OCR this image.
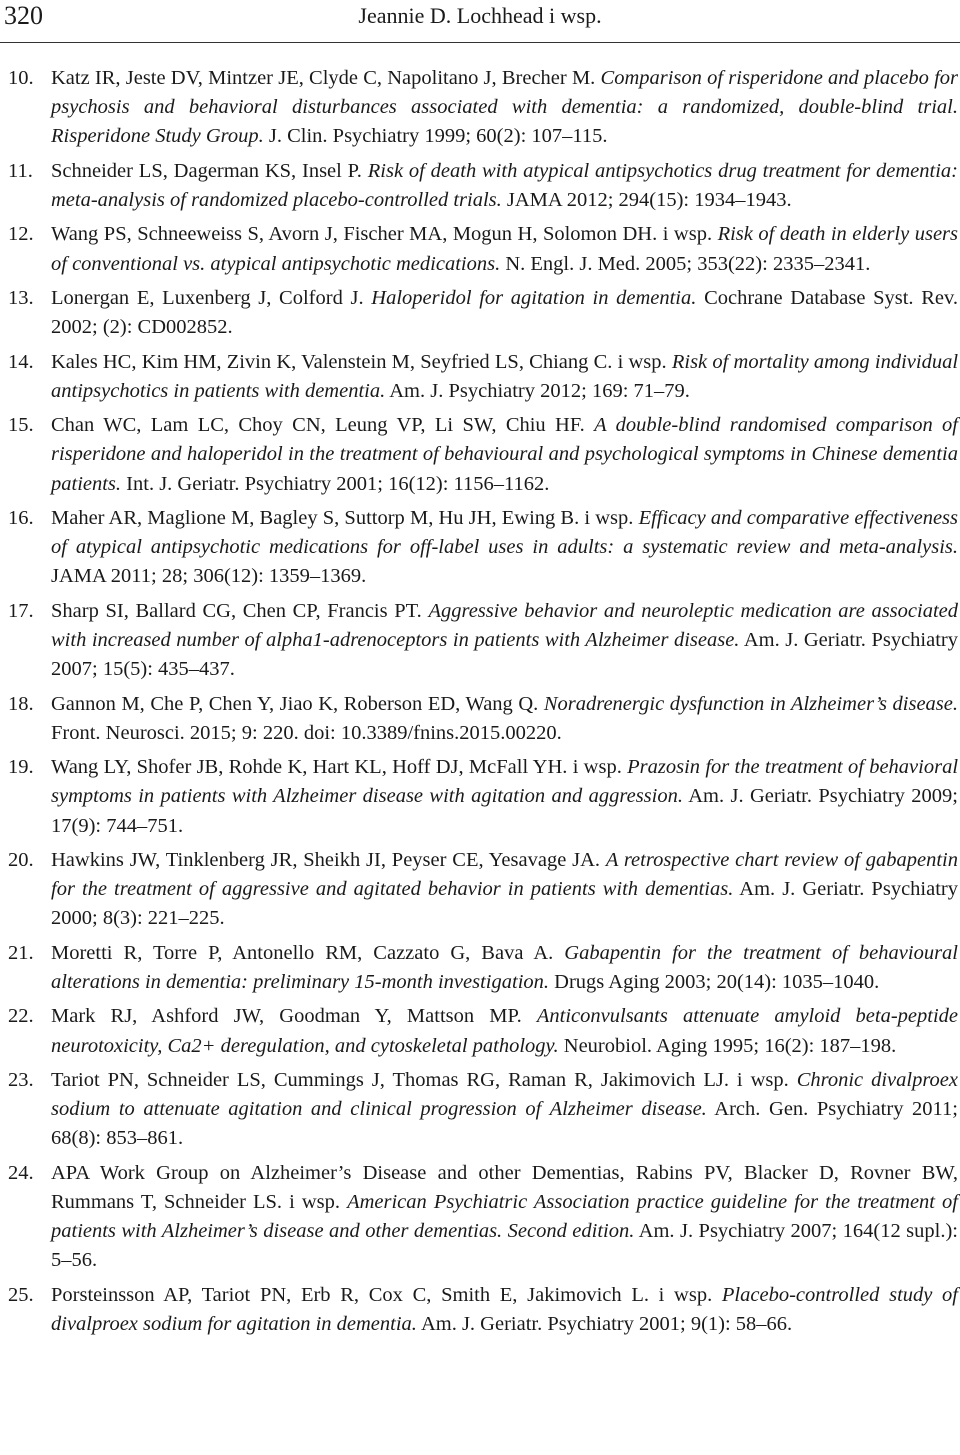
320	Jeannie D. Lochhead i wsp.
10. Katz IR, Jeste DV, Mintzer JE, Clyde C, Napolitano J, Brecher M. Comparison of risperidone and placebo for psychosis and behavioral disturbances associated with dementia: a randomized, double-blind trial. Risperidone Study Group. J. Clin. Psychiatry 1999; 60(2): 107–115.
11. Schneider LS, Dagerman KS, Insel P. Risk of death with atypical antipsychotics drug treatment for dementia: meta-analysis of randomized placebo-controlled trials. JAMA 2012; 294(15): 1934–1943.
12. Wang PS, Schneeweiss S, Avorn J, Fischer MA, Mogun H, Solomon DH. i wsp. Risk of death in elderly users of conventional vs. atypical antipsychotic medications. N. Engl. J. Med. 2005; 353(22): 2335–2341.
13. Lonergan E, Luxenberg J, Colford J. Haloperidol for agitation in dementia. Cochrane Database Syst. Rev. 2002; (2): CD002852.
14. Kales HC, Kim HM, Zivin K, Valenstein M, Seyfried LS, Chiang C. i wsp. Risk of mortality among individual antipsychotics in patients with dementia. Am. J. Psychiatry 2012; 169: 71–79.
15. Chan WC, Lam LC, Choy CN, Leung VP, Li SW, Chiu HF. A double-blind randomised comparison of risperidone and haloperidol in the treatment of behavioural and psychological symptoms in Chinese dementia patients. Int. J. Geriatr. Psychiatry 2001; 16(12): 1156–1162.
16. Maher AR, Maglione M, Bagley S, Suttorp M, Hu JH, Ewing B. i wsp. Efficacy and comparative effectiveness of atypical antipsychotic medications for off-label uses in adults: a systematic review and meta-analysis. JAMA 2011; 28; 306(12): 1359–1369.
17. Sharp SI, Ballard CG, Chen CP, Francis PT. Aggressive behavior and neuroleptic medication are associated with increased number of alpha1-adrenoceptors in patients with Alzheimer disease. Am. J. Geriatr. Psychiatry 2007; 15(5): 435–437.
18. Gannon M, Che P, Chen Y, Jiao K, Roberson ED, Wang Q. Noradrenergic dysfunction in Alzheimer’s disease. Front. Neurosci. 2015; 9: 220. doi: 10.3389/fnins.2015.00220.
19. Wang LY, Shofer JB, Rohde K, Hart KL, Hoff DJ, McFall YH. i wsp. Prazosin for the treatment of behavioral symptoms in patients with Alzheimer disease with agitation and aggression. Am. J. Geriatr. Psychiatry 2009; 17(9): 744–751.
20. Hawkins JW, Tinklenberg JR, Sheikh JI, Peyser CE, Yesavage JA. A retrospective chart review of gabapentin for the treatment of aggressive and agitated behavior in patients with dementias. Am. J. Geriatr. Psychiatry 2000; 8(3): 221–225.
21. Moretti R, Torre P, Antonello RM, Cazzato G, Bava A. Gabapentin for the treatment of behavioural alterations in dementia: preliminary 15-month investigation. Drugs Aging 2003; 20(14): 1035–1040.
22. Mark RJ, Ashford JW, Goodman Y, Mattson MP. Anticonvulsants attenuate amyloid beta-peptide neurotoxicity, Ca2+ deregulation, and cytoskeletal pathology. Neurobiol. Aging 1995; 16(2): 187–198.
23. Tariot PN, Schneider LS, Cummings J, Thomas RG, Raman R, Jakimovich LJ. i wsp. Chronic divalproex sodium to attenuate agitation and clinical progression of Alzheimer disease. Arch. Gen. Psychiatry 2011; 68(8): 853–861.
24. APA Work Group on Alzheimer’s Disease and other Dementias, Rabins PV, Blacker D, Rovner BW, Rummans T, Schneider LS. i wsp. American Psychiatric Association practice guideline for the treatment of patients with Alzheimer’s disease and other dementias. Second edition. Am. J. Psychiatry 2007; 164(12 supl.): 5–56.
25. Porsteinsson AP, Tariot PN, Erb R, Cox C, Smith E, Jakimovich L. i wsp. Placebo-controlled study of divalproex sodium for agitation in dementia. Am. J. Geriatr. Psychiatry 2001; 9(1): 58–66.
